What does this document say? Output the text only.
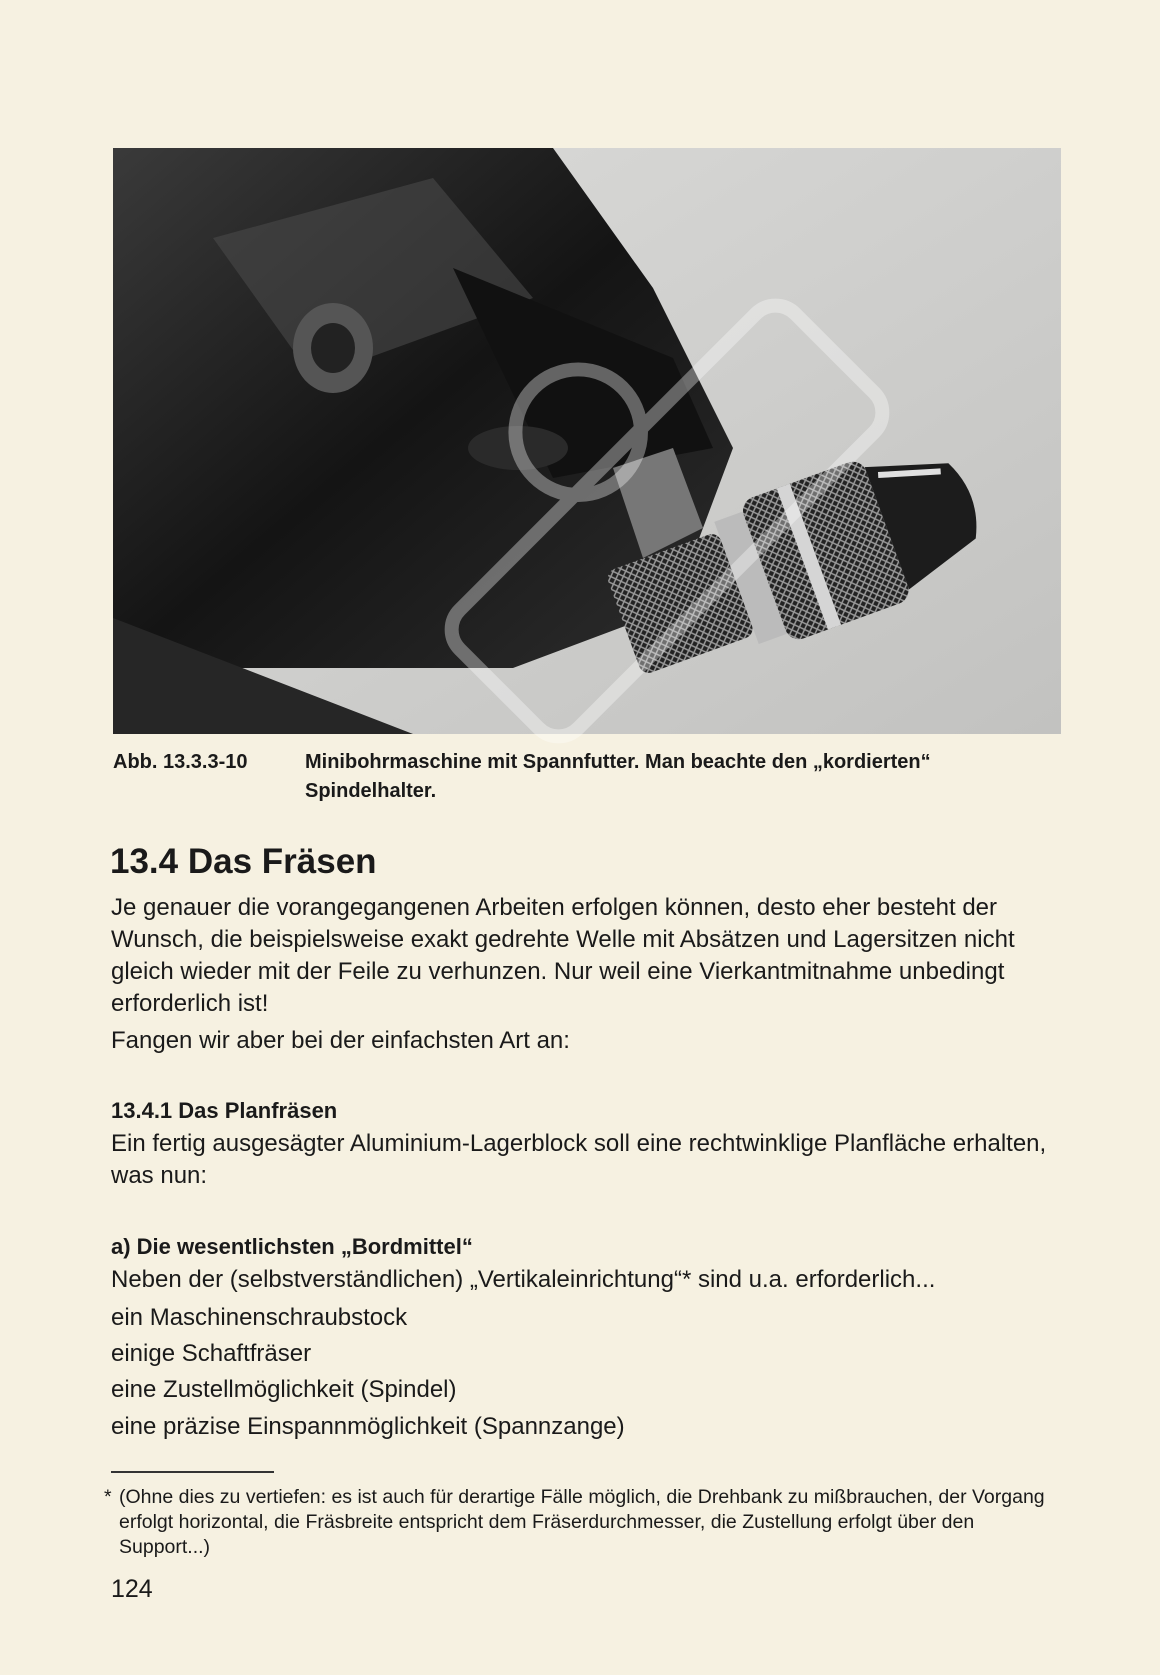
Abb. 13.3.3-10	Minibohrmaschine mit Spannfutter. Man beachte den „kordierten“ Spindelhalter.
13.4 Das Fräsen
Je genauer die vorangegangenen Arbeiten erfolgen können, desto eher besteht der Wunsch, die beispielsweise exakt gedrehte Welle mit Absätzen und Lagersitzen nicht gleich wieder mit der Feile zu verhunzen. Nur weil eine Vierkantmitnahme unbedingt erforderlich ist!
Fangen wir aber bei der einfachsten Art an:
13.4.1 Das Planfräsen
Ein fertig ausgesägter Aluminium-Lagerblock soll eine rechtwinklige Planfläche erhalten, was nun:
a) Die wesentlichsten „Bordmittel“
Neben der (selbstverständlichen) „Vertikaleinrichtung“* sind u.a. erforderlich...
ein Maschinenschraubstock
einige Schaftfräser
eine Zustellmöglichkeit (Spindel)
eine präzise Einspannmöglichkeit (Spannzange)
* (Ohne dies zu vertiefen: es ist auch für derartige Fälle möglich, die Drehbank zu mißbrauchen, der Vorgang erfolgt horizontal, die Fräsbreite entspricht dem Fräserdurchmesser, die Zustellung erfolgt über den Support...)
124
